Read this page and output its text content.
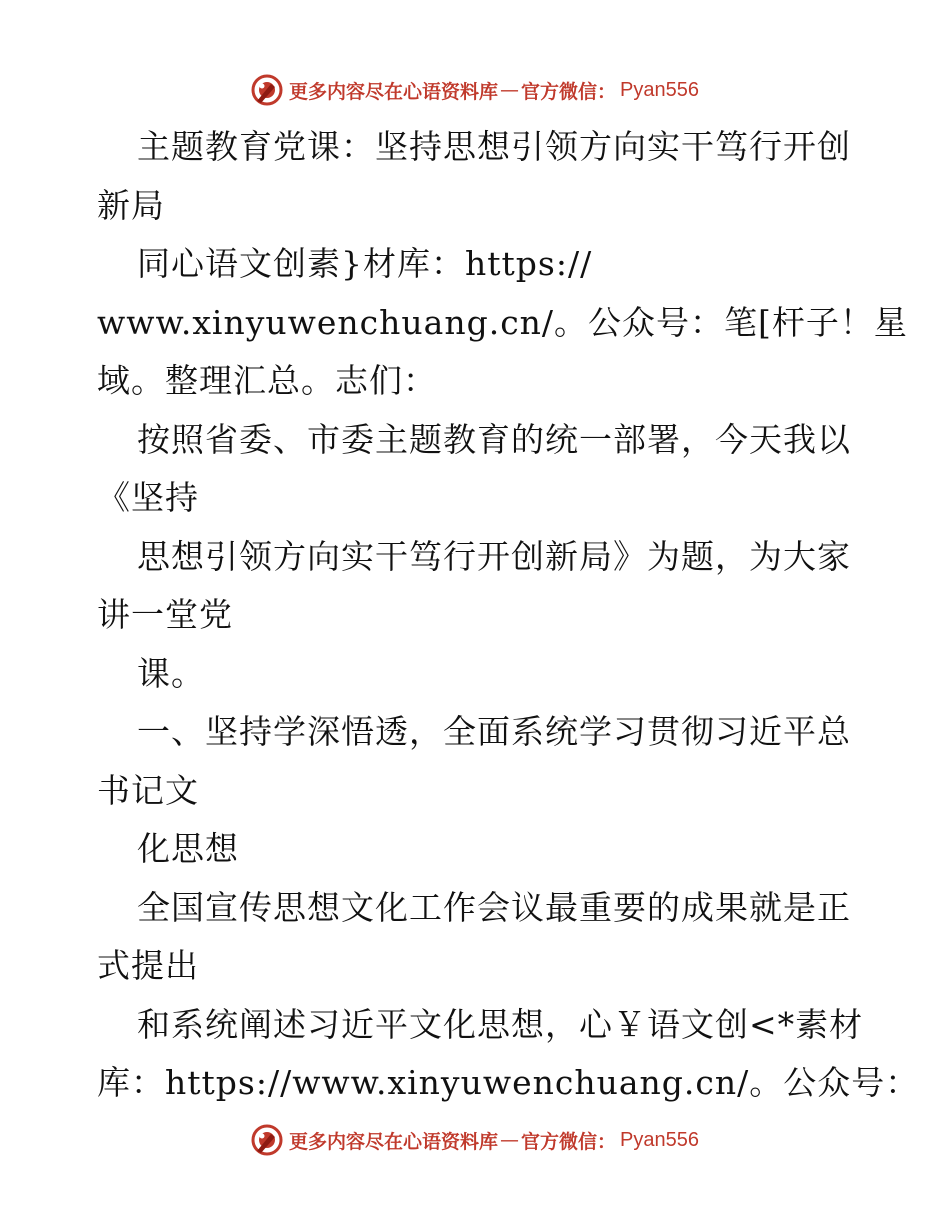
更多内容尽在心语资料库 — 官方微信： Pyan556
主题教育党课：坚持思想引领方向实干笃行开创
新局
同心语文创素}材库：https://
www.xinyuwenchuang.cn/。公众号：笔[杆子！星
域。整理汇总。志们：
按照省委、市委主题教育的统一部署，今天我以
《坚持
思想引领方向实干笃行开创新局》为题，为大家
讲一堂党
课。
一、坚持学深悟透，全面系统学习贯彻习近平总
书记文
化思想
全国宣传思想文化工作会议最重要的成果就是正
式提出
和系统阐述习近平文化思想，心￥语文创<*素材
库：https://www.xinyuwenchuang.cn/。公众号：
更多内容尽在心语资料库 — 官方微信： Pyan556
